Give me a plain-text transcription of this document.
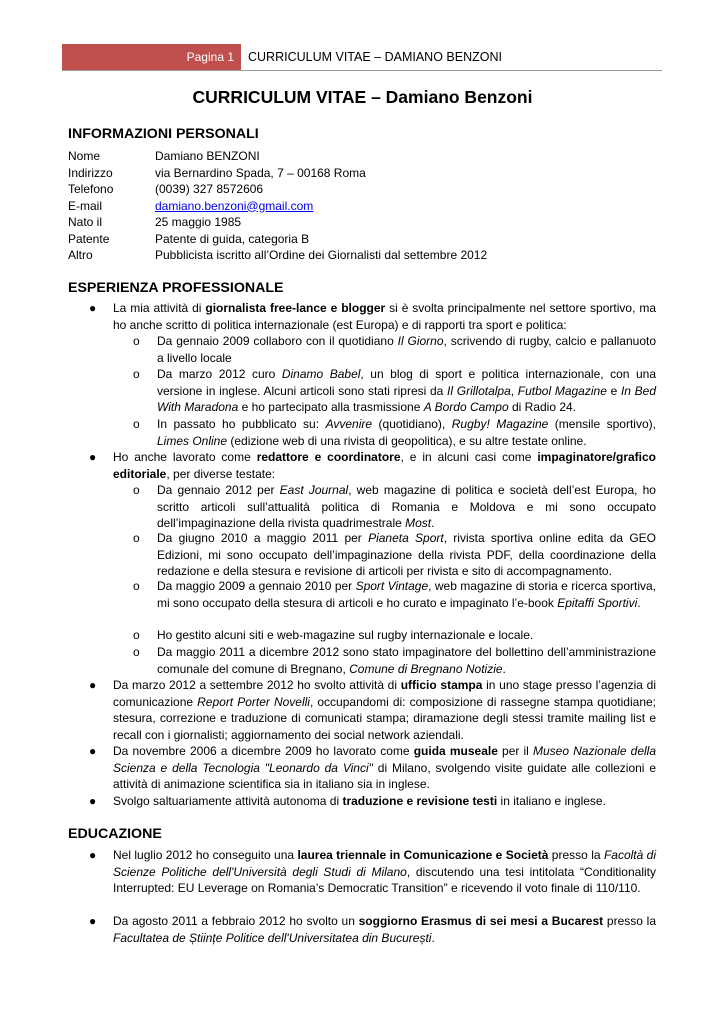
Pagina 1 CURRICULUM VITAE – DAMIANO BENZONI
CURRICULUM VITAE – Damiano Benzoni
INFORMAZIONI PERSONALI
Nome	Damiano BENZONI
Indirizzo	via Bernardino Spada, 7 – 00168 Roma
Telefono	(0039) 327 8572606
E-mail	damiano.benzoni@gmail.com
Nato il	25 maggio 1985
Patente	Patente di guida, categoria B
Altro	Pubblicista iscritto all’Ordine dei Giornalisti dal settembre 2012
ESPERIENZA PROFESSIONALE
● La mia attività di giornalista free-lance e blogger si è svolta principalmente nel settore sportivo, ma ho anche scritto di politica internazionale (est Europa) e di rapporti tra sport e politica:
o Da gennaio 2009 collaboro con il quotidiano Il Giorno, scrivendo di rugby, calcio e pallanuoto a livello locale
o Da marzo 2012 curo Dinamo Babel, un blog di sport e politica internazionale, con una versione in inglese. Alcuni articoli sono stati ripresi da Il Grillotalpa, Futbol Magazine e In Bed With Maradona e ho partecipato alla trasmissione A Bordo Campo di Radio 24.
o In passato ho pubblicato su: Avvenire (quotidiano), Rugby! Magazine (mensile sportivo), Limes Online (edizione web di una rivista di geopolitica), e su altre testate online.
● Ho anche lavorato come redattore e coordinatore, e in alcuni casi come impaginatore/grafico editoriale, per diverse testate:
o Da gennaio 2012 per East Journal, web magazine di politica e società dell’est Europa, ho scritto articoli sull’attualità politica di Romania e Moldova e mi sono occupato dell’impaginazione della rivista quadrimestrale Most.
o Da giugno 2010 a maggio 2011 per Pianeta Sport, rivista sportiva online edita da GEO Edizioni, mi sono occupato dell’impaginazione della rivista PDF, della coordinazione della redazione e della stesura e revisione di articoli per rivista e sito di accompagnamento.
o Da maggio 2009 a gennaio 2010 per Sport Vintage, web magazine di storia e ricerca sportiva, mi sono occupato della stesura di articoli e ho curato e impaginato l’e-book Epitaffi Sportivi.
o Ho gestito alcuni siti e web-magazine sul rugby internazionale e locale.
o Da maggio 2011 a dicembre 2012 sono stato impaginatore del bollettino dell’amministrazione comunale del comune di Bregnano, Comune di Bregnano Notizie.
● Da marzo 2012 a settembre 2012 ho svolto attività di ufficio stampa in uno stage presso l’agenzia di comunicazione Report Porter Novelli, occupandomi di: composizione di rassegne stampa quotidiane; stesura, correzione e traduzione di comunicati stampa; diramazione degli stessi tramite mailing list e recall con i giornalisti; aggiornamento dei social network aziendali.
● Da novembre 2006 a dicembre 2009 ho lavorato come guida museale per il Museo Nazionale della Scienza e della Tecnologia "Leonardo da Vinci" di Milano, svolgendo visite guidate alle collezioni e attività di animazione scientifica sia in italiano sia in inglese.
● Svolgo saltuariamente attività autonoma di traduzione e revisione testi in italiano e inglese.
EDUCAZIONE
● Nel luglio 2012 ho conseguito una laurea triennale in Comunicazione e Società presso la Facoltà di Scienze Politiche dell'Università degli Studi di Milano, discutendo una tesi intitolata “Conditionality Interrupted: EU Leverage on Romania’s Democratic Transition” e ricevendo il voto finale di 110/110.
● Da agosto 2011 a febbraio 2012 ho svolto un soggiorno Erasmus di sei mesi a Bucarest presso la Facultatea de Științe Politice dell'Universitatea din București.
